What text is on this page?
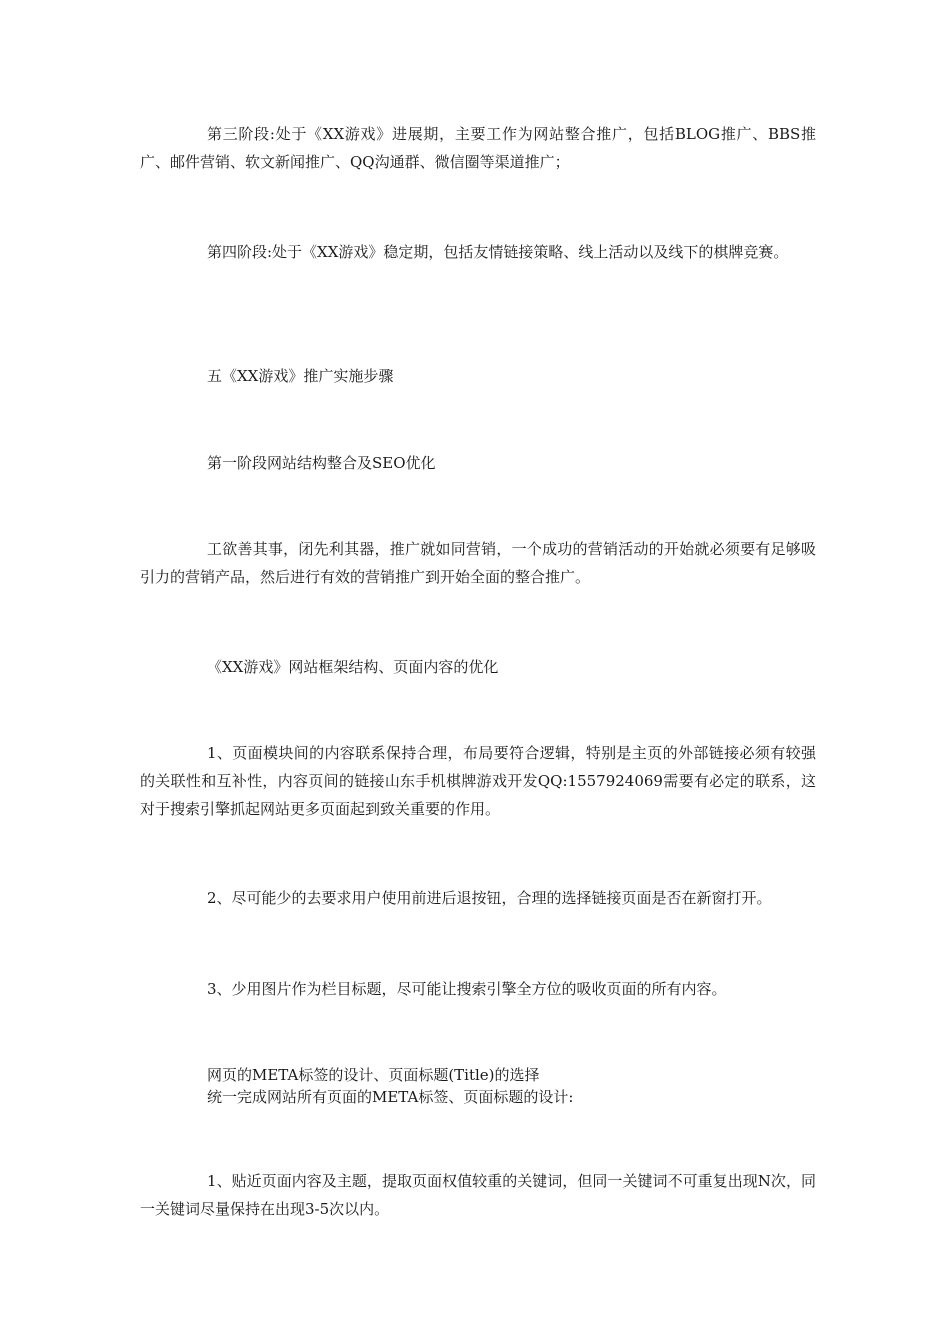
第三阶段:处于《XX游戏》进展期，主要工作为网站整合推广，包括BLOG推广、BBS推广、邮件营销、软文新闻推广、QQ沟通群、微信圈等渠道推广；

第四阶段:处于《XX游戏》稳定期，包括友情链接策略、线上活动以及线下的棋牌竞赛。

五《XX游戏》推广实施步骤

第一阶段网站结构整合及SEO优化

工欲善其事，闭先利其器，推广就如同营销，一个成功的营销活动的开始就必须要有足够吸引力的营销产品，然后进行有效的营销推广到开始全面的整合推广。

《XX游戏》网站框架结构、页面内容的优化

1、页面模块间的内容联系保持合理，布局要符合逻辑，特别是主页的外部链接必须有较强的关联性和互补性，内容页间的链接山东手机棋牌游戏开发QQ:1557924069需要有必定的联系，这对于搜索引擎抓起网站更多页面起到致关重要的作用。

2、尽可能少的去要求用户使用前进后退按钮，合理的选择链接页面是否在新窗打开。

3、少用图片作为栏目标题，尽可能让搜索引擎全方位的吸收页面的所有内容。

网页的META标签的设计、页面标题(Title)的选择

统一完成网站所有页面的META标签、页面标题的设计:

1、贴近页面内容及主题，提取页面权值较重的关键词，但同一关键词不可重复出现N次，同一关键词尽量保持在出现3-5次以内。
